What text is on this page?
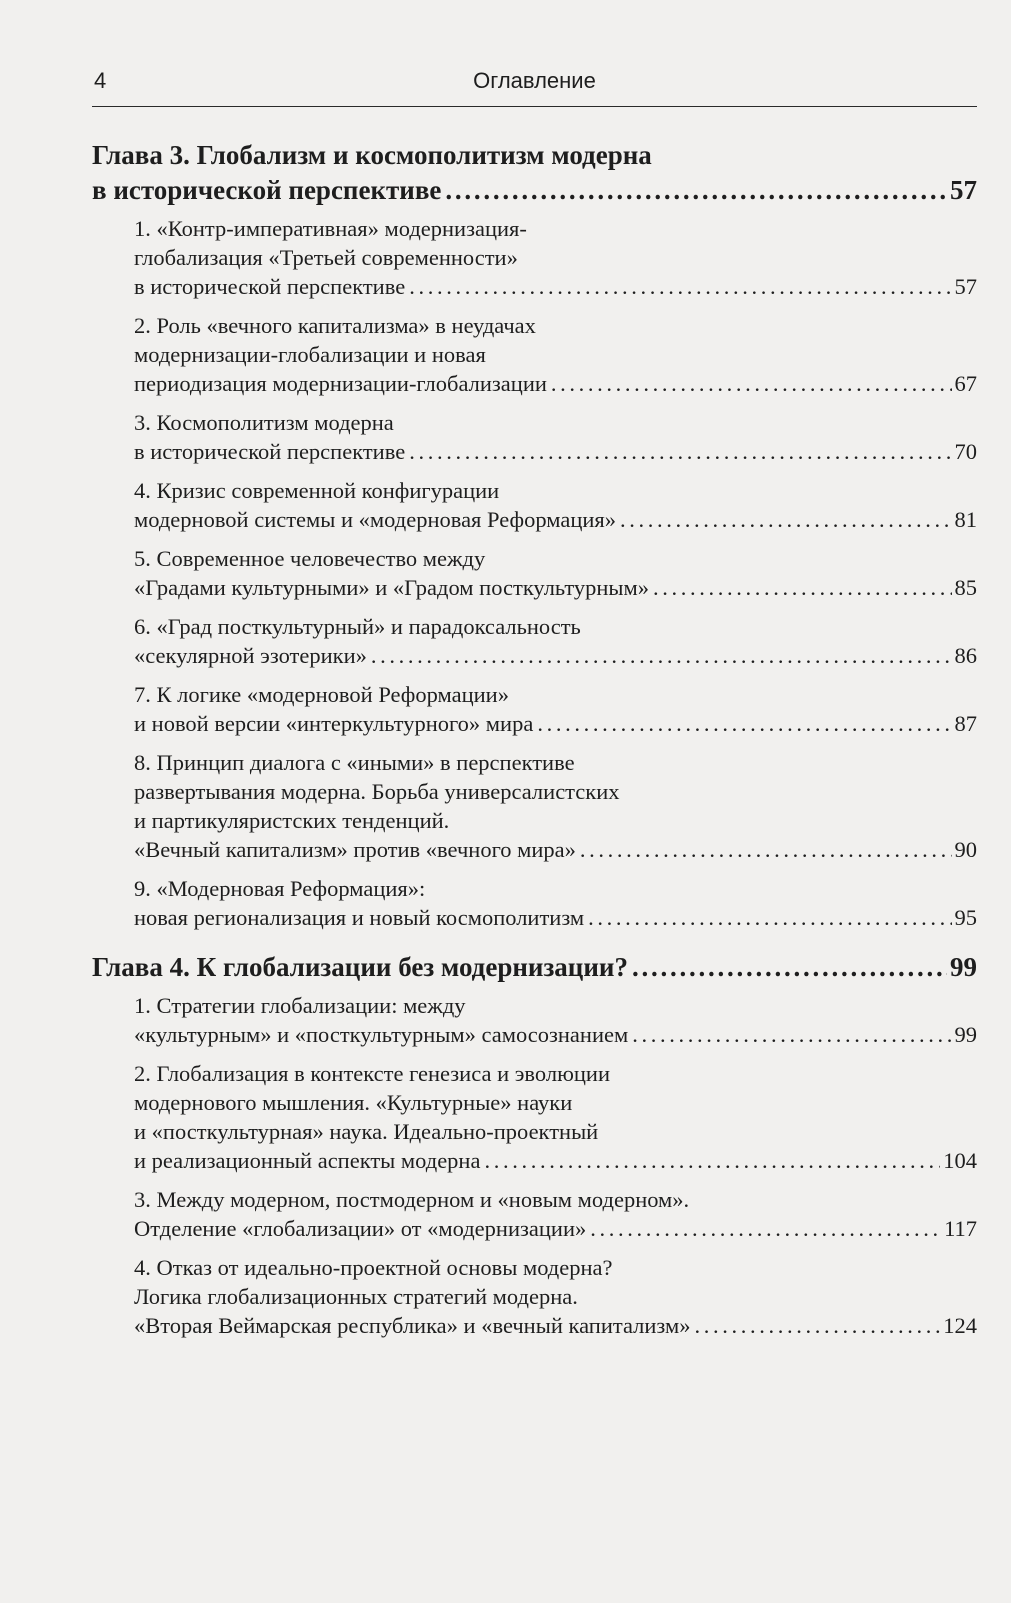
4	Оглавление
Глава 3. Глобализм и космополитизм модерна
в исторической перспективе . . .	57
1. «Контр-императивная» модернизация-
глобализация «Третьей современности»
в исторической перспективе . . .	57
2. Роль «вечного капитализма» в неудачах
модернизации-глобализации и новая
периодизация модернизации-глобализации . . .	67
3. Космополитизм модерна
в исторической перспективе . . .	70
4. Кризис современной конфигурации
модерновой системы и «модерновая Реформация» . . .	81
5. Современное человечество между
«Градами культурными» и «Градом посткультурным» . . .	85
6. «Град посткультурный» и парадоксальность
«секулярной эзотерики» . . .	86
7. К логике «модерновой Реформации»
и новой версии «интеркультурного» мира . . .	87
8. Принцип диалога с «иными» в перспективе
развертывания модерна. Борьба универсалистских
и партикуляристских тенденций.
«Вечный капитализм» против «вечного мира» . . .	90
9. «Модерновая Реформация»:
новая регионализация и новый космополитизм . . .	95
Глава 4. К глобализации без модернизации? . . .	99
1. Стратегии глобализации: между
«культурным» и «посткультурным» самосознанием . . .	99
2. Глобализация в контексте генезиса и эволюции
модернового мышления. «Культурные» науки
и «посткультурная» наука. Идеально-проектный
и реализационный аспекты модерна . . .	104
3. Между модерном, постмодерном и «новым модерном».
Отделение «глобализации» от «модернизации» . . .	117
4. Отказ от идеально-проектной основы модерна?
Логика глобализационных стратегий модерна.
«Вторая Веймарская республика» и «вечный капитализм» . . .	124
